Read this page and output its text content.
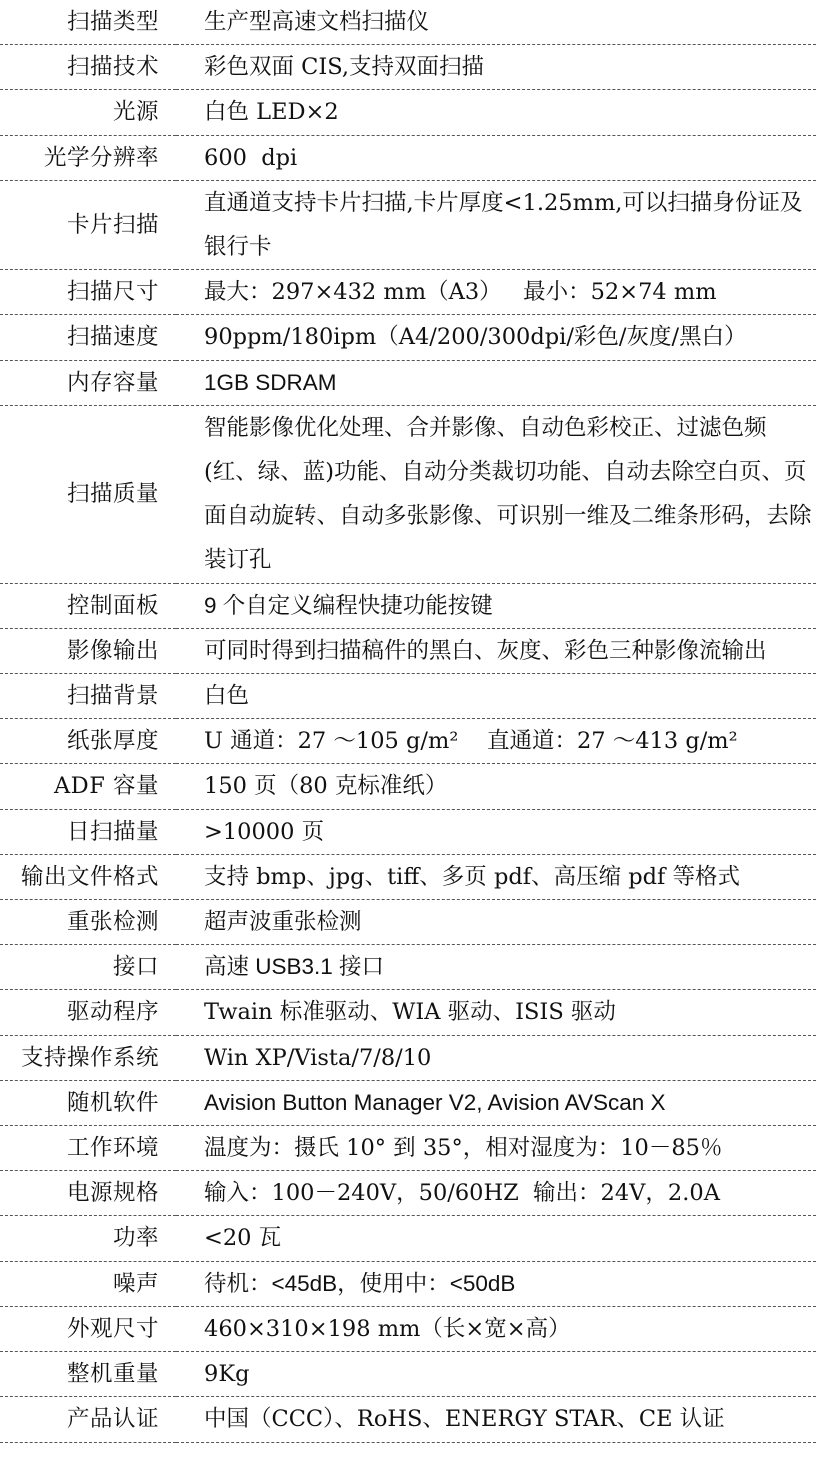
扫描类型	生产型高速文档扫描仪
扫描技术	彩色双面 CIS,支持双面扫描
光源	白色 LED×2
光学分辨率	600  dpi
卡片扫描	直通道支持卡片扫描,卡片厚度<1.25mm,可以扫描身份证及银行卡
扫描尺寸	最大：297×432 mm（A3）   最小：52×74 mm
扫描速度	90ppm/180ipm（A4/200/300dpi/彩色/灰度/黑白）
内存容量	1GB SDRAM
扫描质量	智能影像优化处理、合并影像、自动色彩校正、过滤色频(红、绿、蓝)功能、自动分类裁切功能、自动去除空白页、页面自动旋转、自动多张影像、可识别一维及二维条形码，去除装订孔
控制面板	9 个自定义编程快捷功能按键
影像输出	可同时得到扫描稿件的黑白、灰度、彩色三种影像流输出
扫描背景	白色
纸张厚度	U 通道：27 ～105 g/m²    直通道：27 ～413 g/m²
ADF 容量	150 页（80 克标准纸）
日扫描量	>10000 页
输出文件格式	支持 bmp、jpg、tiff、多页 pdf、高压缩 pdf 等格式
重张检测	超声波重张检测
接口	高速 USB3.1 接口
驱动程序	Twain 标准驱动、WIA 驱动、ISIS 驱动
支持操作系统	Win XP/Vista/7/8/10
随机软件	Avision Button Manager V2, Avision AVScan X
工作环境	温度为：摄氏 10° 到 35°，相对湿度为：10－85％
电源规格	输入：100－240V，50/60HZ  输出：24V，2.0A
功率	<20 瓦
噪声	待机：<45dB，使用中：<50dB
外观尺寸	460×310×198 mm（长×宽×高）
整机重量	9Kg
产品认证	中国（CCC）、RoHS、ENERGY STAR、CE 认证
